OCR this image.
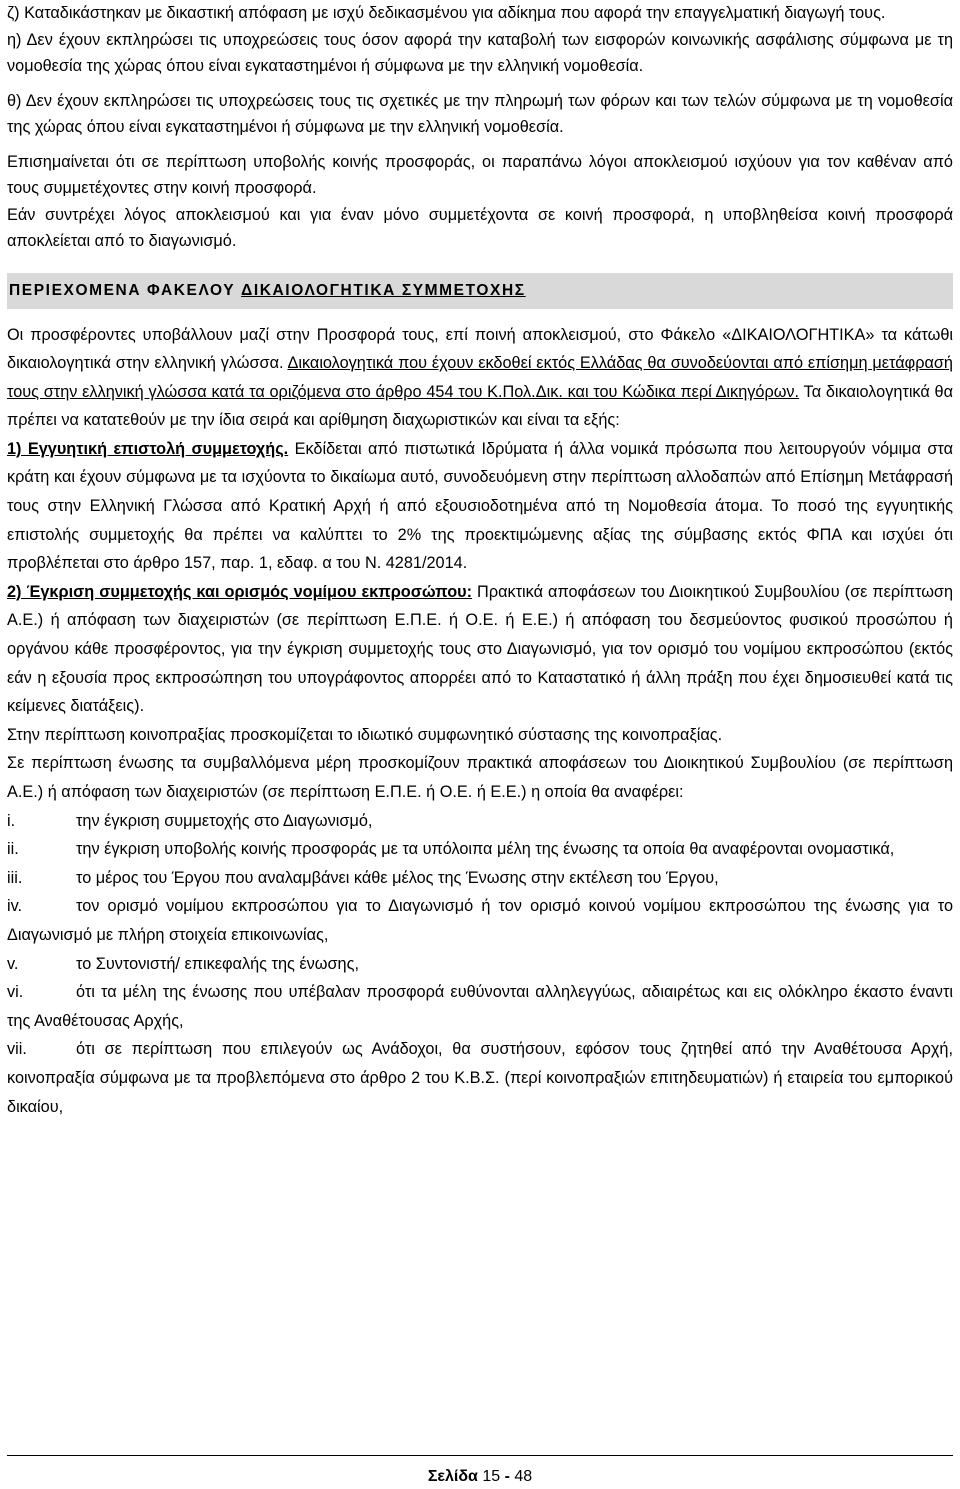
ζ) Καταδικάστηκαν με δικαστική απόφαση με ισχύ δεδικασμένου για αδίκημα που αφορά την επαγγελματική διαγωγή τους.

η) Δεν έχουν εκπληρώσει τις υποχρεώσεις τους όσον αφορά την καταβολή των εισφορών κοινωνικής ασφάλισης σύμφωνα με τη νομοθεσία της χώρας όπου είναι εγκαταστημένοι ή σύμφωνα με την ελληνική νομοθεσία.

θ) Δεν έχουν εκπληρώσει τις υποχρεώσεις τους τις σχετικές με την πληρωμή των φόρων και των τελών σύμφωνα με τη νομοθεσία της χώρας όπου είναι εγκαταστημένοι ή σύμφωνα με την ελληνική νομοθεσία.

Επισημαίνεται ότι σε περίπτωση υποβολής κοινής προσφοράς, οι παραπάνω λόγοι αποκλεισμού ισχύουν για τον καθέναν από τους συμμετέχοντες στην κοινή προσφορά.

Εάν συντρέχει λόγος αποκλεισμού και για έναν μόνο συμμετέχοντα σε κοινή προσφορά, η υποβληθείσα κοινή προσφορά αποκλείεται από το διαγωνισμό.

ΠΕΡΙΕΧΟΜΕΝΑ ΦΑΚΕΛΟΥ ΔΙΚΑΙΟΛΟΓΗΤΙΚΑ ΣΥΜΜΕΤΟΧΗΣ

Οι προσφέροντες υποβάλλουν μαζί στην Προσφορά τους, επί ποινή αποκλεισμού, στο Φάκελο «ΔΙΚΑΙΟΛΟΓΗΤΙΚΑ» τα κάτωθι δικαιολογητικά στην ελληνική γλώσσα. Δικαιολογητικά που έχουν εκδοθεί εκτός Ελλάδας θα συνοδεύονται από επίσημη μετάφρασή τους στην ελληνική γλώσσα κατά τα οριζόμενα στο άρθρο 454 του Κ.Πολ.Δικ. και του Κώδικα περί Δικηγόρων. Τα δικαιολογητικά θα πρέπει να κατατεθούν με την ίδια σειρά και αρίθμηση διαχωριστικών και είναι τα εξής:

1) Εγγυητική επιστολή συμμετοχής. Εκδίδεται από πιστωτικά Ιδρύματα ή άλλα νομικά πρόσωπα που λειτουργούν νόμιμα στα κράτη και έχουν σύμφωνα με τα ισχύοντα το δικαίωμα αυτό, συνοδευόμενη στην περίπτωση αλλοδαπών από Επίσημη Μετάφρασή τους στην Ελληνική Γλώσσα από Κρατική Αρχή ή από εξουσιοδοτημένα από τη Νομοθεσία άτομα. Το ποσό της εγγυητικής επιστολής συμμετοχής θα πρέπει να καλύπτει το 2% της προεκτιμώμενης αξίας της σύμβασης εκτός ΦΠΑ και ισχύει ότι προβλέπεται στο άρθρο 157, παρ. 1, εδαφ. α του Ν. 4281/2014.

2) Έγκριση συμμετοχής και ορισμός νομίμου εκπροσώπου: Πρακτικά αποφάσεων του Διοικητικού Συμβουλίου (σε περίπτωση Α.Ε.) ή απόφαση των διαχειριστών (σε περίπτωση Ε.Π.Ε. ή Ο.Ε. ή Ε.Ε.) ή απόφαση του δεσμεύοντος φυσικού προσώπου ή οργάνου κάθε προσφέροντος, για την έγκριση συμμετοχής τους στο Διαγωνισμό, για τον ορισμό του νομίμου εκπροσώπου (εκτός εάν η εξουσία προς εκπροσώπηση του υπογράφοντος απορρέει από το Καταστατικό ή άλλη πράξη που έχει δημοσιευθεί κατά τις κείμενες διατάξεις).

Στην περίπτωση κοινοπραξίας προσκομίζεται το ιδιωτικό συμφωνητικό σύστασης της κοινοπραξίας.

Σε περίπτωση ένωσης τα συμβαλλόμενα μέρη προσκομίζουν πρακτικά αποφάσεων του Διοικητικού Συμβουλίου (σε περίπτωση Α.Ε.) ή απόφαση των διαχειριστών (σε περίπτωση Ε.Π.Ε. ή Ο.Ε. ή Ε.Ε.) η οποία θα αναφέρει:

i.	την έγκριση συμμετοχής στο Διαγωνισμό,
ii.	την έγκριση υποβολής κοινής προσφοράς με τα υπόλοιπα μέλη της ένωσης τα οποία θα αναφέρονται ονομαστικά,
iii.	το μέρος του Έργου που αναλαμβάνει κάθε μέλος της Ένωσης στην εκτέλεση του Έργου,
iv.	τον ορισμό νομίμου εκπροσώπου για το Διαγωνισμό ή τον ορισμό κοινού νομίμου εκπροσώπου της ένωσης για το Διαγωνισμό με πλήρη στοιχεία επικοινωνίας,
v.	το Συντονιστή/ επικεφαλής της ένωσης,
vi.	ότι τα μέλη της ένωσης που υπέβαλαν προσφορά ευθύνονται αλληλεγγύως, αδιαιρέτως και εις ολόκληρο έκαστο έναντι της Αναθέτουσας Αρχής,
vii.	ότι σε περίπτωση που επιλεγούν ως Ανάδοχοι, θα συστήσουν, εφόσον τους ζητηθεί από την Αναθέτουσα Αρχή, κοινοπραξία σύμφωνα με τα προβλεπόμενα στο άρθρο 2 του Κ.Β.Σ. (περί κοινοπραξιών επιτηδευματιών) ή εταιρεία του εμπορικού δικαίου,
Σελίδα 15 - 48
